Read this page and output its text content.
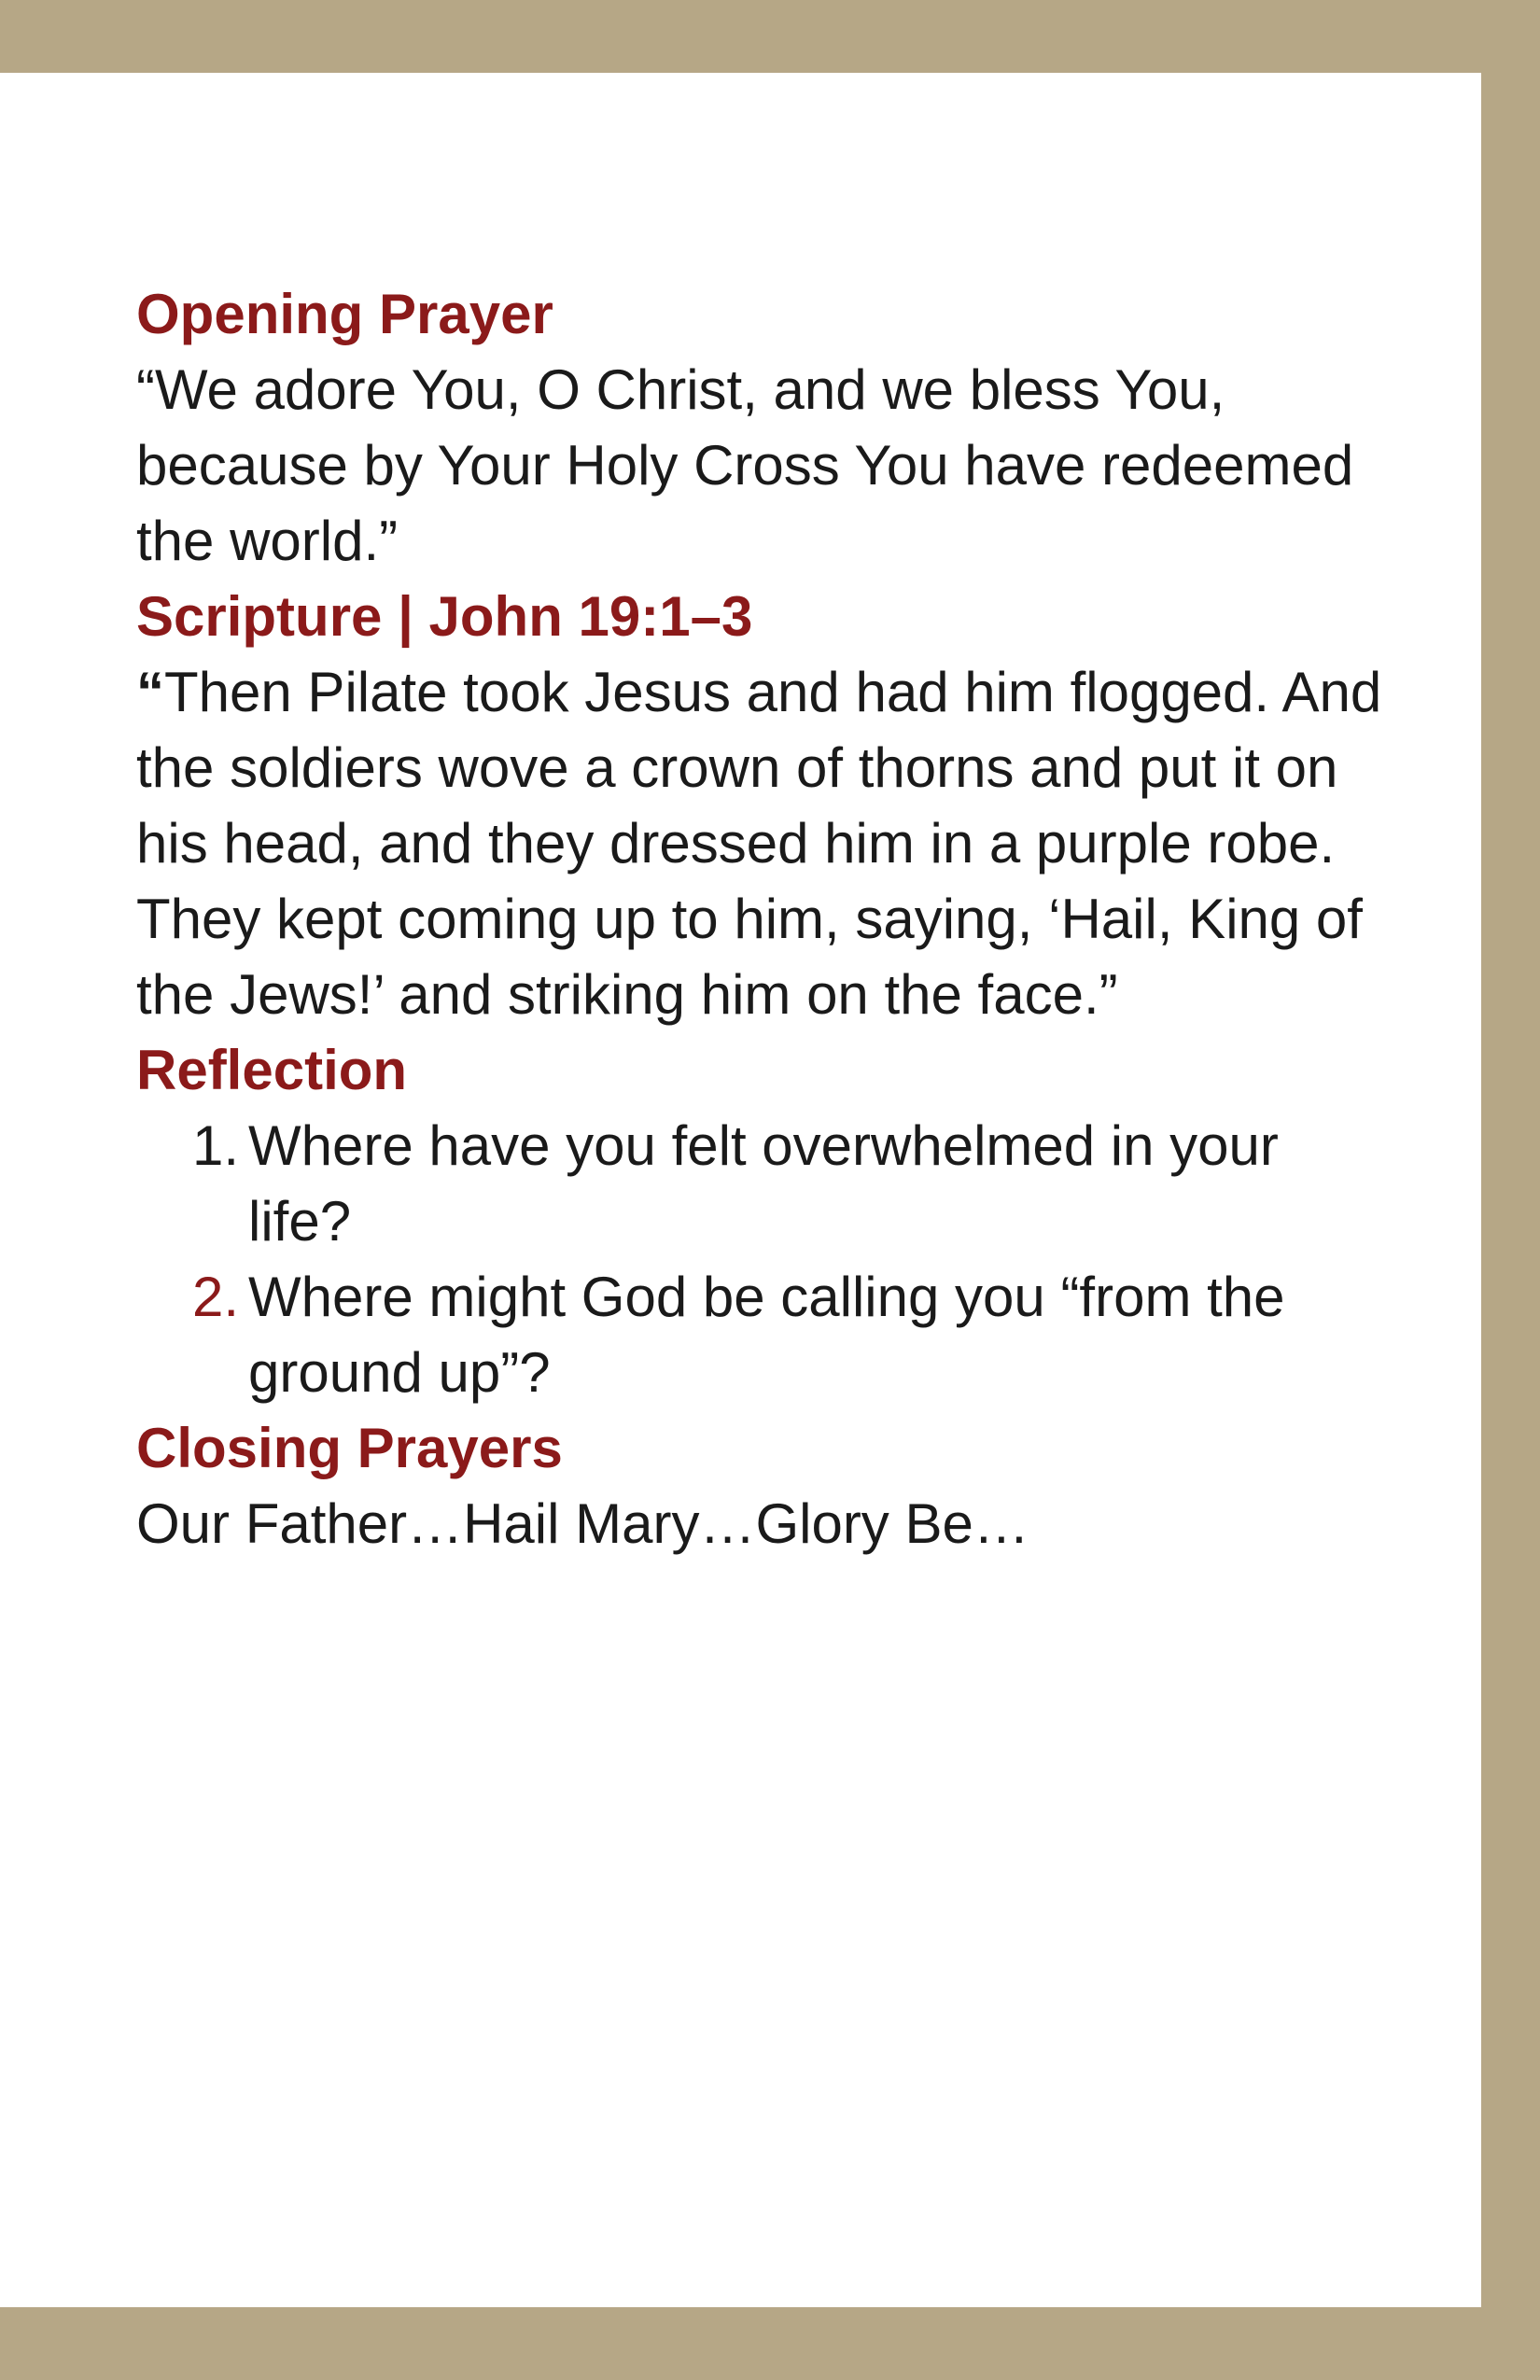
Opening Prayer

“We adore You, O Christ, and we bless You, because by Your Holy Cross You have redeemed the world.”

Scripture | John 19:1–3

“Then Pilate took Jesus and had him flogged. And the soldiers wove a crown of thorns and put it on his head, and they dressed him in a purple robe. They kept coming up to him, saying, ‘Hail, King of the Jews!’ and striking him on the face.”

Reflection
1. Where have you felt overwhelmed in your life?
2. Where might God be calling you “from the ground up”?
Closing Prayers

Our Father…Hail Mary…Glory Be…
